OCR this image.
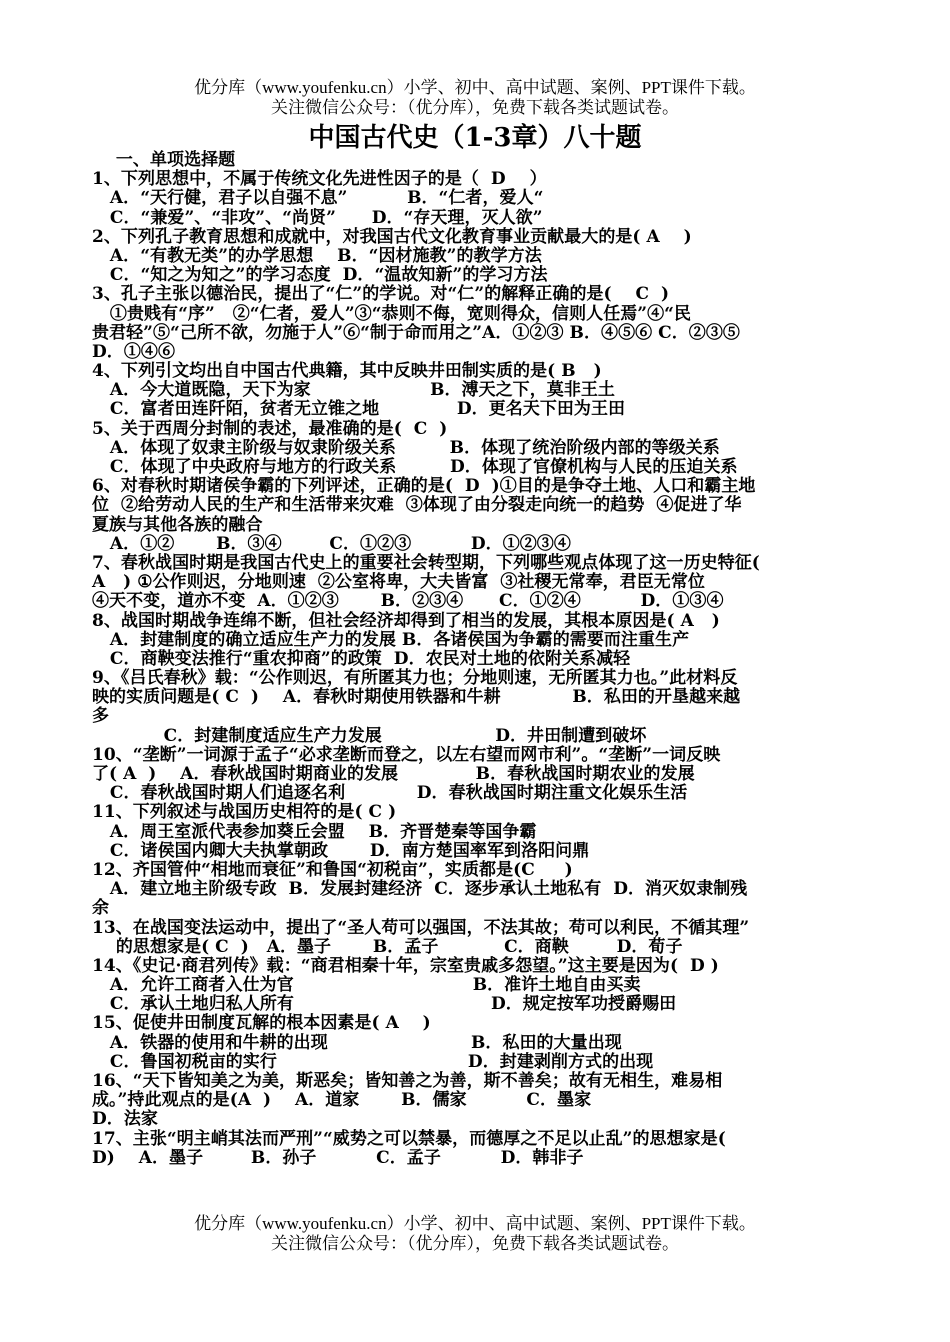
优分库（www.youfenku.cn）小学、初中、高中试题、案例、PPT课件下载。
关注微信公众号：（优分库），免费下载各类试题试卷。
中国古代史（1-3章）八十题
一、单项选择题
1、下列思想中，不属于传统文化先进性因子的是（  D    ）
A．“天行健，君子以自强不息”          B．“仁者，爱人“
C．“兼爱”、“非攻”、“尚贤”      D．“存天理，灭人欲”
2、下列孔子教育思想和成就中，对我国古代文化教育事业贡献最大的是( A    )
A．“有教无类”的办学思想    B．“因材施教”的教学方法
C．“知之为知之”的学习态度  D．“温故知新”的学习方法
3、孔子主张以德治民，提出了“仁”的学说。对“仁”的解释正确的是(    C  )
①贵贱有“序”   ②“仁者，爱人”③“恭则不侮，宽则得众，信则人任焉”④“民
贵君轻”⑤“己所不欲，勿施于人”⑥“制于命而用之”A．①②③ B．④⑤⑥ C．②③⑤
D．①④⑥
4、下列引文均出自中国古代典籍，其中反映井田制实质的是( B   )
A．今大道既隐，天下为家                    B．溥天之下，莫非王土
C．富者田连阡陌，贫者无立锥之地             D．更名天下田为王田
5、关于西周分封制的表述，最准确的是(  C  )
A．体现了奴隶主阶级与奴隶阶级关系         B．体现了统治阶级内部的等级关系
C．体现了中央政府与地方的行政关系         D．体现了官僚机构与人民的压迫关系
6、对春秋时期诸侯争霸的下列评述，正确的是(  D  )①目的是争夺土地、人口和霸主地
位  ②给劳动人民的生产和生活带来灾难  ③体现了由分裂走向统一的趋势  ④促进了华
夏族与其他各族的融合
A．①②       B．③④        C．①②③          D．①②③④
7、春秋战国时期是我国古代史上的重要社会转型期，下列哪些观点体现了这一历史特征(
A   ) ①公作则迟，分地则速  ②公室将卑，大夫皆富  ③社稷无常奉，君臣无常位
④天不变，道亦不变  A．①②③       B．②③④      C．①②④          D．①③④
8、战国时期战争连绵不断，但社会经济却得到了相当的发展，其根本原因是( A   )
A．封建制度的确立适应生产力的发展 B．各诸侯国为争霸的需要而注重生产
C．商鞅变法推行“重农抑商”的政策  D．农民对土地的依附关系减轻
9、《吕氏春秋》载：“公作则迟，有所匿其力也；分地则速，无所匿其力也。”此材料反
映的实质问题是( C  )    A．春秋时期使用铁器和牛耕            B．私田的开垦越来越
多
C．封建制度适应生产力发展                   D．井田制遭到破坏
10、“垄断”一词源于孟子“必求垄断而登之，以左右望而网市利”。“垄断”一词反映
了( A  )    A．春秋战国时期商业的发展             B．春秋战国时期农业的发展
C．春秋战国时期人们追逐名利            D．春秋战国时期注重文化娱乐生活
11、下列叙述与战国历史相符的是( C )
A．周王室派代表参加葵丘会盟    B．齐晋楚秦等国争霸
C．诸侯国内卿大夫执掌朝政       D．南方楚国率军到洛阳问鼎
12、齐国管仲“相地而衰征”和鲁国“初税亩”，实质都是(C     )
A．建立地主阶级专政  B．发展封建经济  C．逐步承认土地私有  D．消灭奴隶制残
余
13、在战国变法运动中，提出了“圣人苟可以强国，不法其故；苟可以利民，不循其理”
的思想家是( C  )   A．墨子       B．孟子           C．商鞅        D．荀子
14、《史记·商君列传》载：“商君相秦十年，宗室贵戚多怨望。”这主要是因为(  D )
A．允许工商者入仕为官                              B．准许土地自由买卖
C．承认土地归私人所有                                 D．规定按军功授爵赐田
15、促使井田制度瓦解的根本因素是( A    )
A．铁器的使用和牛耕的出现                        B．私田的大量出现
C．鲁国初税亩的实行                                D．封建剥削方式的出现
16、“天下皆知美之为美，斯恶矣；皆知善之为善，斯不善矣；故有无相生，难易相
成。”持此观点的是(A  )    A．道家       B．儒家          C．墨家
D．法家
17、主张“明主峭其法而严刑”“威势之可以禁暴，而德厚之不足以止乱”的思想家是(
D)    A．墨子        B．孙子          C．孟子          D．韩非子
优分库（www.youfenku.cn）小学、初中、高中试题、案例、PPT课件下载。
关注微信公众号：（优分库），免费下载各类试题试卷。
